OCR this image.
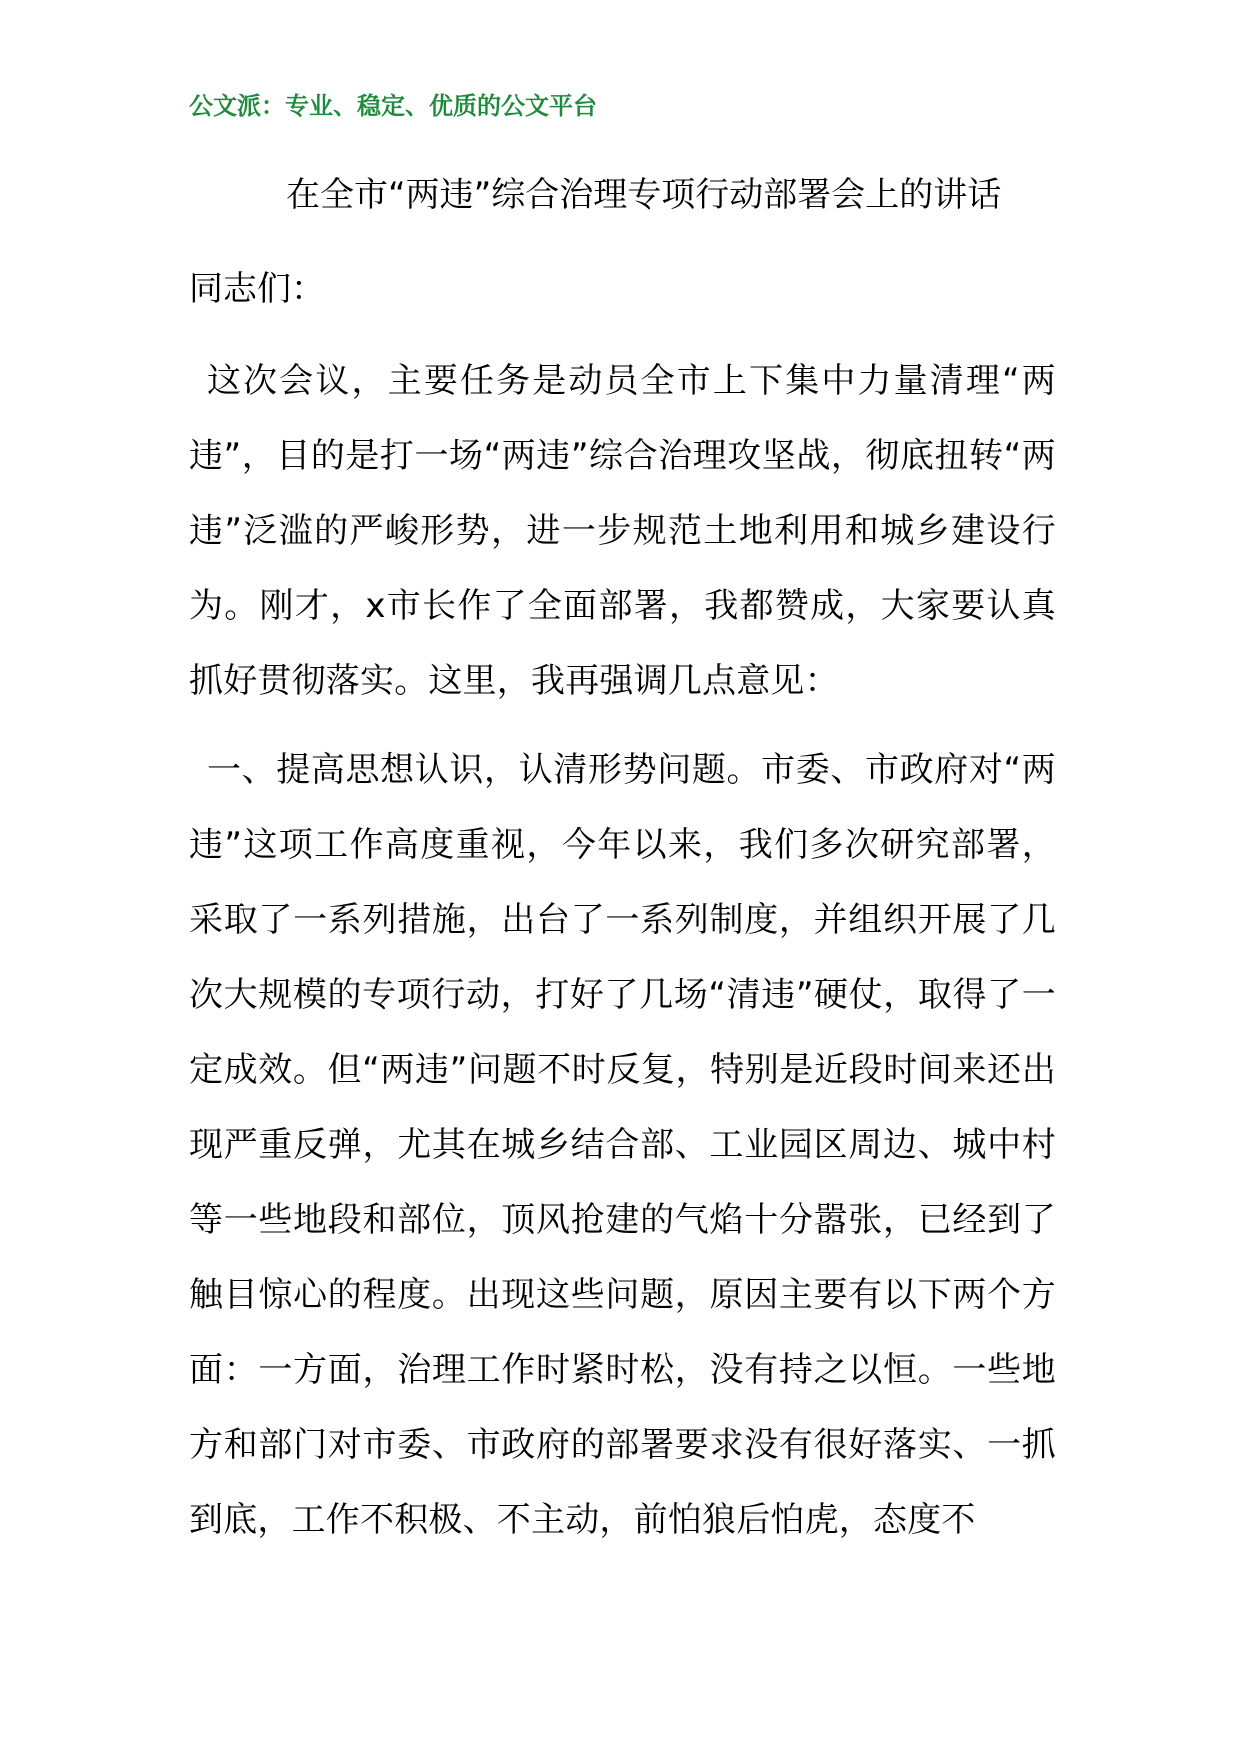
公文派：专业、稳定、优质的公文平台
在全市“两违”综合治理专项行动部署会上的讲话
同志们：
这次会议，主要任务是动员全市上下集中力量清理“两违”，目的是打一场“两违”综合治理攻坚战，彻底扭转“两违”泛滥的严峻形势，进一步规范土地利用和城乡建设行为。刚才，x市长作了全面部署，我都赞成，大家要认真抓好贯彻落实。这里，我再强调几点意见：
一、提高思想认识，认清形势问题。市委、市政府对“两违”这项工作高度重视，今年以来，我们多次研究部署，采取了一系列措施，出台了一系列制度，并组织开展了几次大规模的专项行动，打好了几场“清违”硬仗，取得了一定成效。但“两违”问题不时反复，特别是近段时间来还出现严重反弹，尤其在城乡结合部、工业园区周边、城中村等一些地段和部位，顶风抢建的气焰十分嚣张，已经到了触目惊心的程度。出现这些问题，原因主要有以下两个方面：一方面，治理工作时紧时松，没有持之以恒。一些地方和部门对市委、市政府的部署要求没有很好落实、一抓到底，工作不积极、不主动，前怕狼后怕虎，态度不
